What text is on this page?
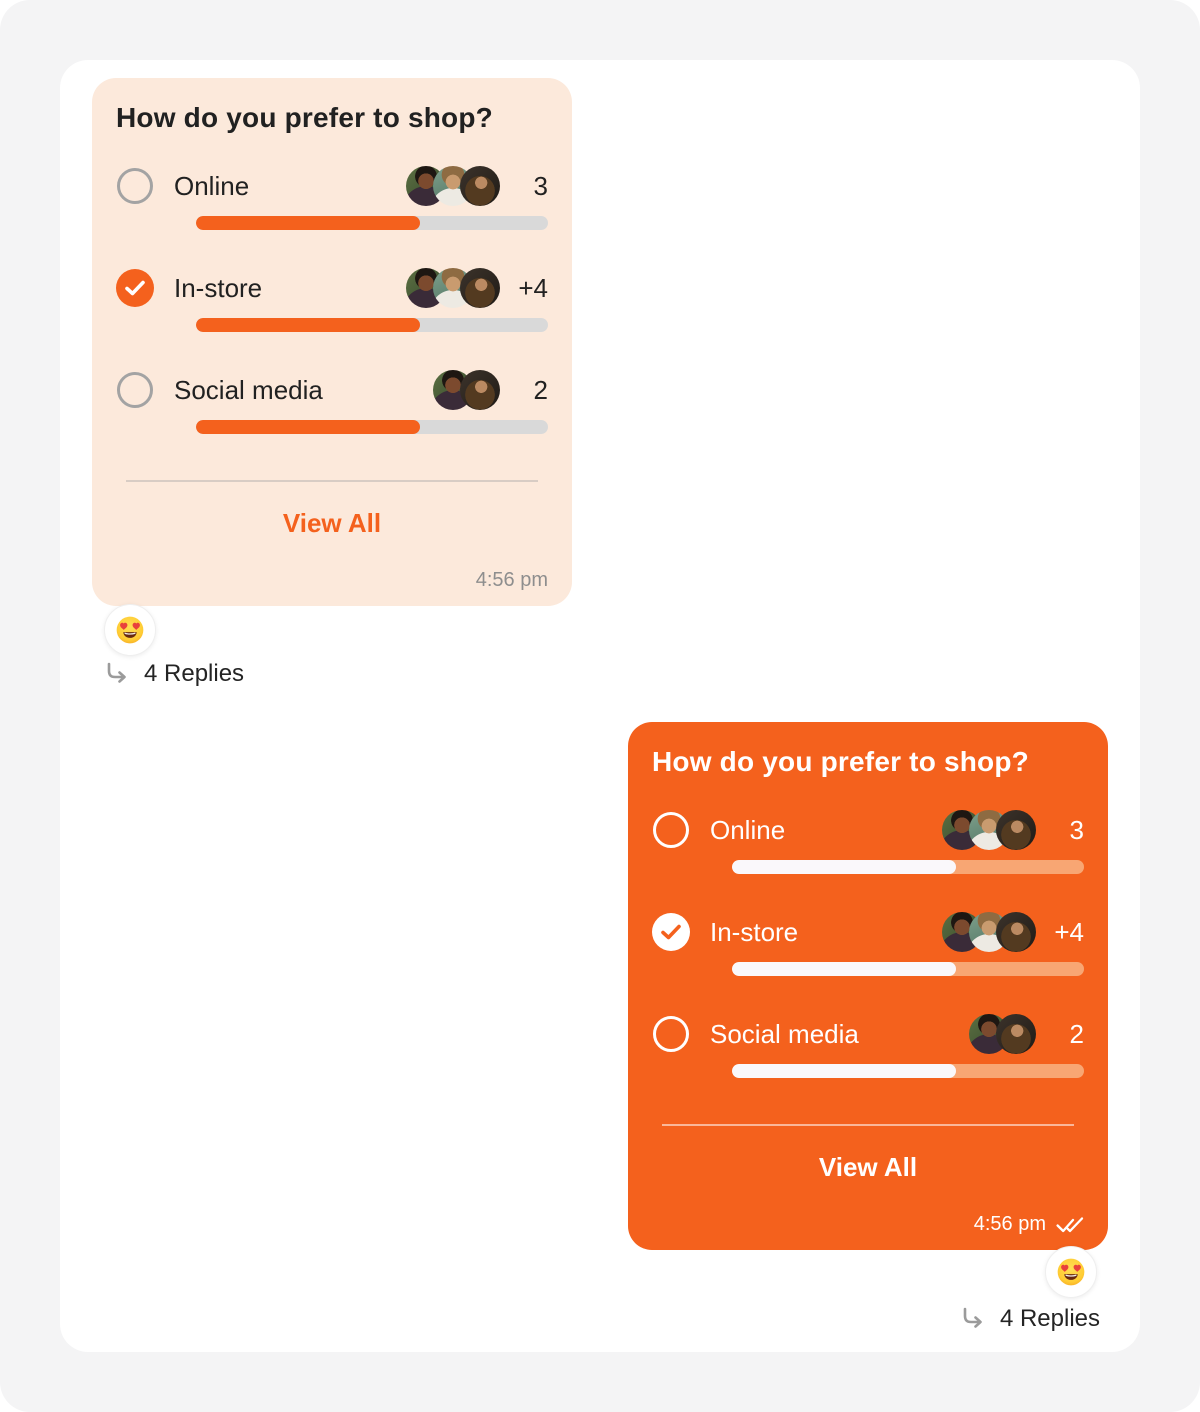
How do you prefer to shop?
Online	3
In-store	+4
Social media	2
View All
4:56 pm
4 Replies
How do you prefer to shop?
Online	3
In-store	+4
Social media	2
View All
4:56 pm
4 Replies
